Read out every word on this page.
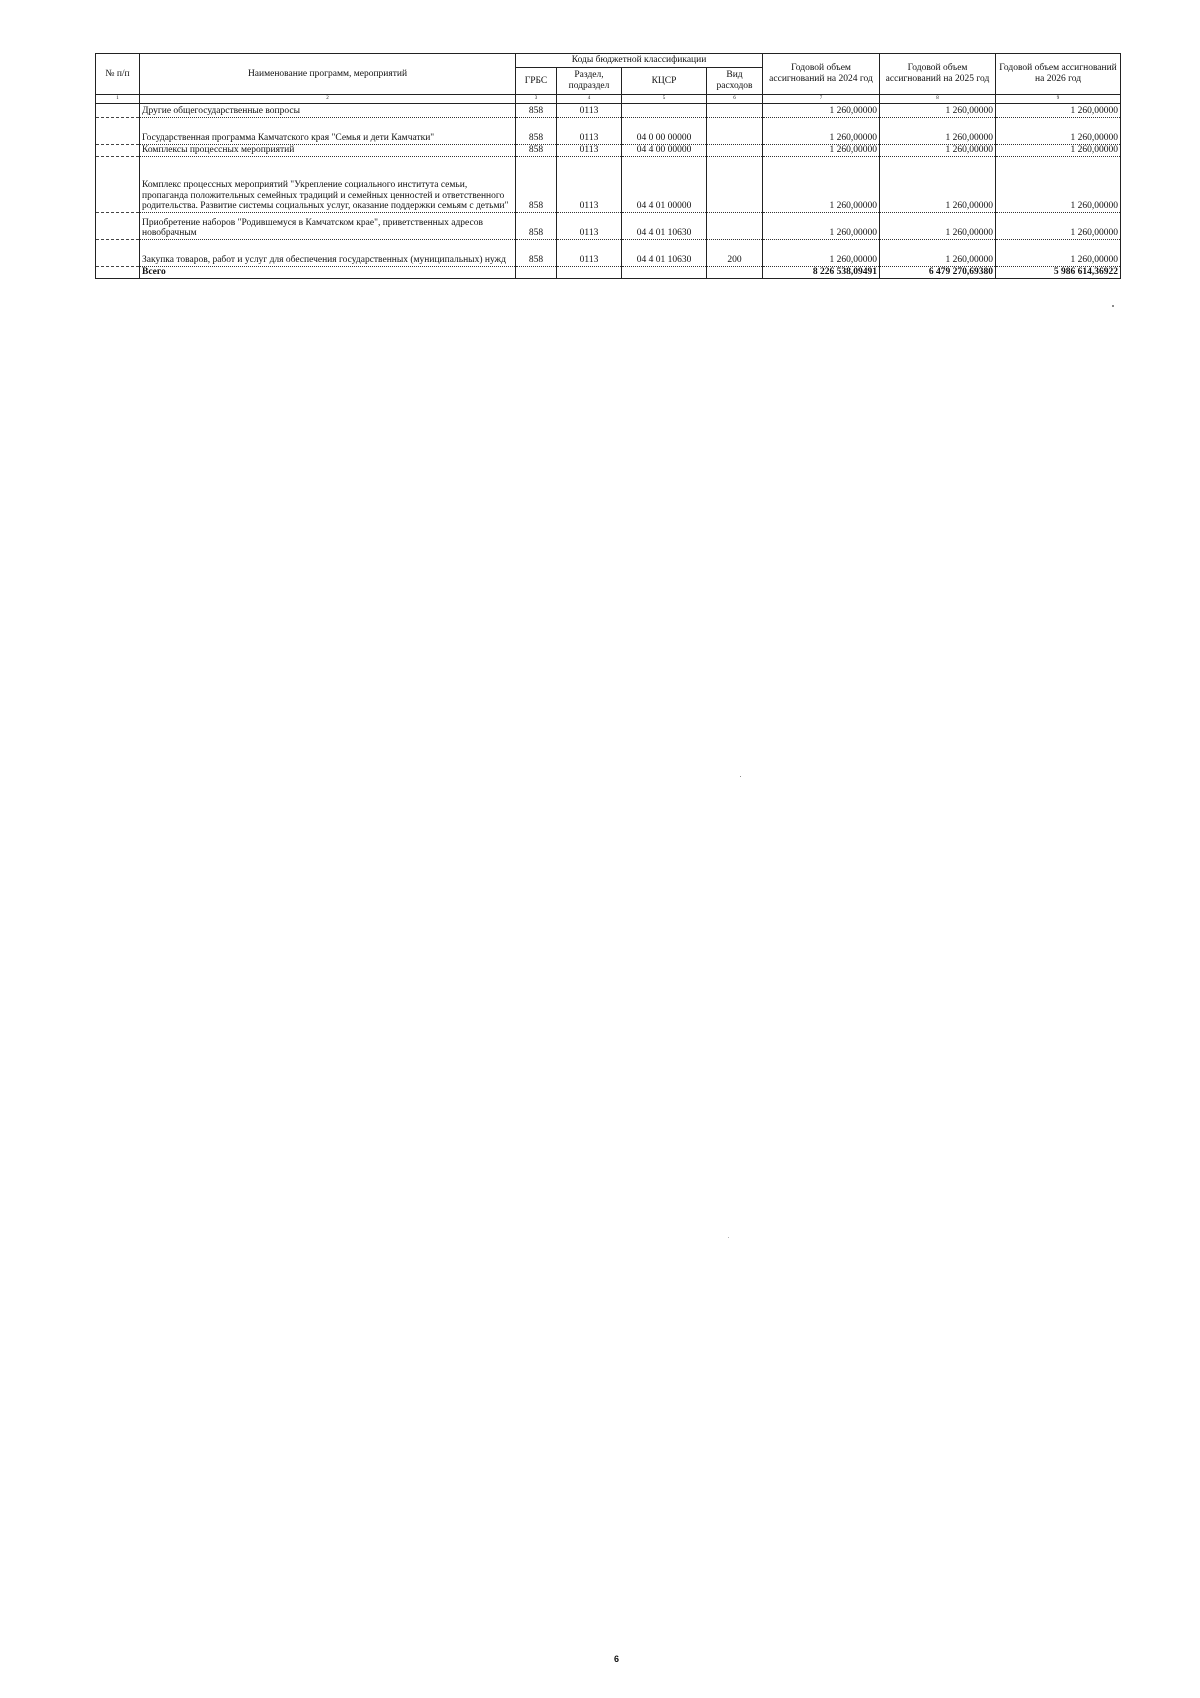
№ п/п	Наименование программ, мероприятий	Коды бюджетной классификации				Годовой объем ассигнований на 2024 год	Годовой объем ассигнований на 2025 год	Годовой объем ассигнований на 2026 год
		ГРБС	Раздел, подраздел	КЦСР	Вид расходов			
1	2	3	4	5	6	7	8	9
	Другие общегосударственные вопросы	858	0113			1 260,00000	1 260,00000	1 260,00000
	Государственная программа Камчатского края "Семья и дети Камчатки"	858	0113	04 0 00 00000		1 260,00000	1 260,00000	1 260,00000
	Комплексы процессных мероприятий	858	0113	04 4 00 00000		1 260,00000	1 260,00000	1 260,00000
	Комплекс процессных мероприятий "Укрепление социального института семьи, пропаганда положительных семейных традиций и семейных ценностей и ответственного родительства. Развитие системы социальных услуг, оказание поддержки семьям с детьми"	858	0113	04 4 01 00000		1 260,00000	1 260,00000	1 260,00000
	Приобретение наборов "Родившемуся в Камчатском крае", приветственных адресов новобрачным	858	0113	04 4 01 10630		1 260,00000	1 260,00000	1 260,00000
	Закупка товаров, работ и услуг для обеспечения государственных (муниципальных) нужд	858	0113	04 4 01 10630	200	1 260,00000	1 260,00000	1 260,00000
	Всего					8 226 538,09491	6 479 270,69380	5 986 614,36922
6
